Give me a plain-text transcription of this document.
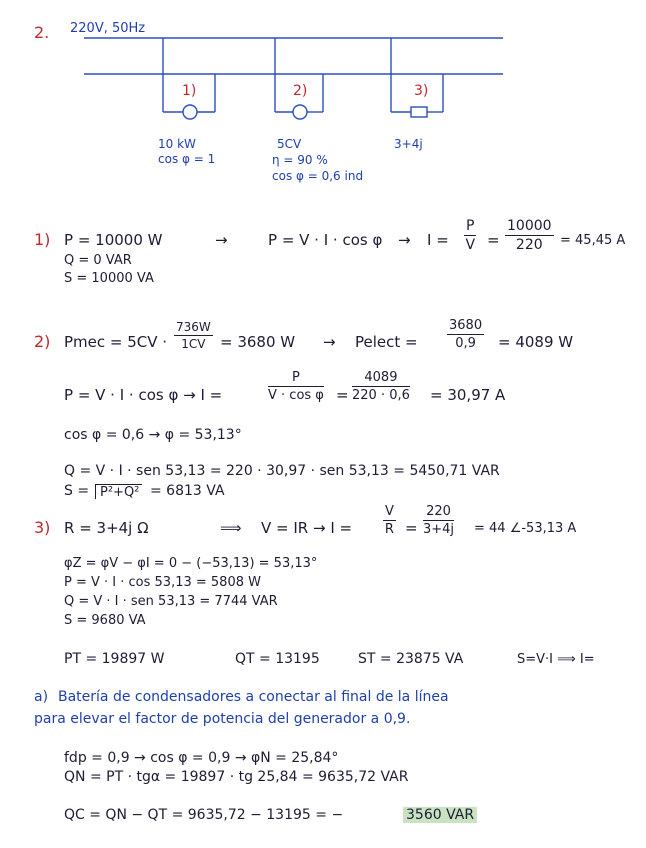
2. 220V, 50Hz
1)	2)	3)
10 kW
cos φ = 1
5CV
η = 90 %
cos φ = 0,6 ind
3+4j
1) P = 10000 W
Q = 0 VAR
S = 10000 VA
→	$P = V \cdot I \cdot \cos \varphi \to I = \frac{P}{V} = \frac{10000}{220} = 45,45$ A
2) Pmec = $5CV \cdot \frac{736W}{1CV} = 3680$ W → Pelect = $\frac{3680}{0,9} = 4089$ W
P = V · I · cos φ → I =	$\frac{P}{\text{V · cos φ}} = \frac{4089}{220 \cdot 0,6} = 30,97$ A
cos φ = 0,6 → φ = 53,13°
Q = V · I · sen 53,13 = 220 · 30,97 · sen 53,13 = 5450,71 VAR
S = P²+Q² = 6813 VA
3) R = 3+4j Ω	⟹ V = IR → $I = \frac{V}{R} = \frac{220}{3+4j} = 44$ ∠-53,13 A
φZ = φV − φI = 0 − (−53,13) = 53,13°
P = V · I · cos 53,13 = 5808 W
Q = V · I · sen 53,13 = 7744 VAR
S = 9680 VA
PT = 19897 W	QT = 13195	ST = 23875 VA	S=V·I ⟹ I=
a) Batería de condensadores a conectar al final de la línea
para elevar el factor de potencia del generador a 0,9.
fdp = 0,9 → cos φ = 0,9 → φN = 25,84°
QN = PT · tgα = 19897 · tg 25,84 = 9635,72 VAR
QC = QN − QT = 9635,72 − 13195 = −	3560 VAR
